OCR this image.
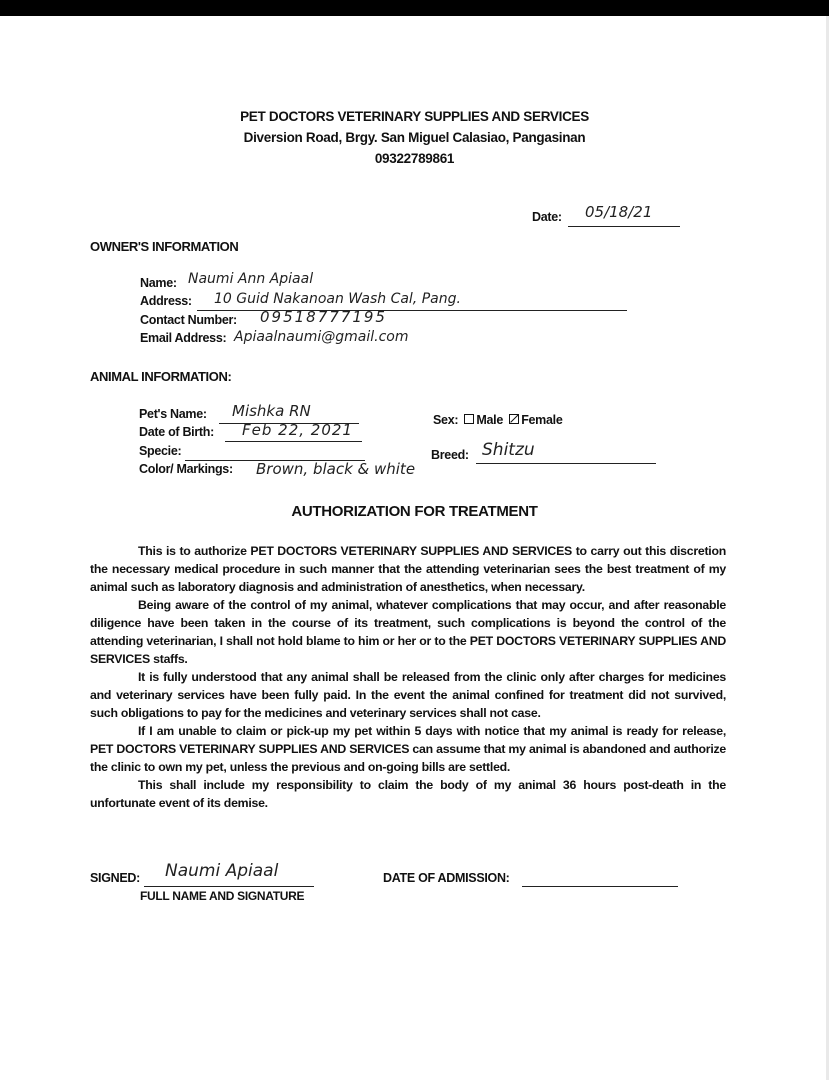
PET DOCTORS VETERINARY SUPPLIES AND SERVICES
Diversion Road, Brgy. San Miguel Calasiao, Pangasinan
09322789861
Date: 05/18/21
OWNER'S INFORMATION
Name: Naumi Ann Apiaal
Address: 10 Guid Nakanoan Wash Cal, Pang.
Contact Number: 09518777195
Email Address: Apiaalnaumi@gmail.com
ANIMAL INFORMATION:
Pet's Name: Mishka RN
Date of Birth: Feb 22, 2021
Specie:
Color/ Markings: Brown, black & white
Sex: Male Female
Breed: Shitzu
AUTHORIZATION FOR TREATMENT

This is to authorize PET DOCTORS VETERINARY SUPPLIES AND SERVICES to carry out this discretion the necessary medical procedure in such manner that the attending veterinarian sees the best treatment of my animal such as laboratory diagnosis and administration of anesthetics, when necessary.

Being aware of the control of my animal, whatever complications that may occur, and after reasonable diligence have been taken in the course of its treatment, such complications is beyond the control of the attending veterinarian, I shall not hold blame to him or her or to the PET DOCTORS VETERINARY SUPPLIES AND SERVICES staffs.

It is fully understood that any animal shall be released from the clinic only after charges for medicines and veterinary services have been fully paid. In the event the animal confined for treatment did not survived, such obligations to pay for the medicines and veterinary services shall not case.

If I am unable to claim or pick-up my pet within 5 days with notice that my animal is ready for release, PET DOCTORS VETERINARY SUPPLIES AND SERVICES can assume that my animal is abandoned and authorize the clinic to own my pet, unless the previous and on-going bills are settled.

This shall include my responsibility to claim the body of my animal 36 hours post-death in the unfortunate event of its demise.

SIGNED: Naumi Apiaal
FULL NAME AND SIGNATURE
DATE OF ADMISSION:
